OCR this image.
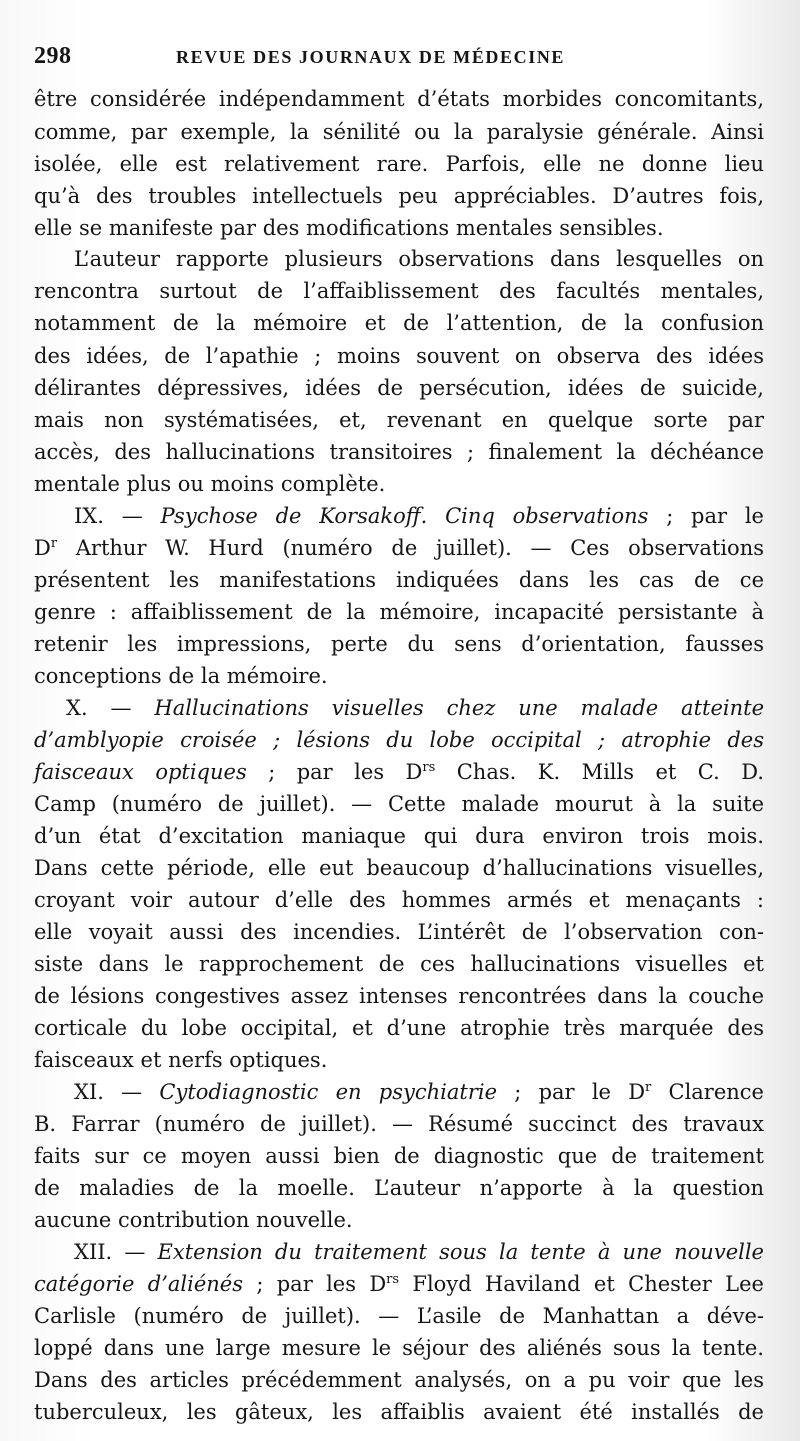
298	REVUE DES JOURNAUX DE MÉDECINE
être considérée indépendamment d’états morbides concomitants,
comme, par exemple, la sénilité ou la paralysie générale. Ainsi
isolée, elle est relativement rare. Parfois, elle ne donne lieu
qu’à des troubles intellectuels peu appréciables. D’autres fois,
elle se manifeste par des modifications mentales sensibles.
L’auteur rapporte plusieurs observations dans lesquelles on
rencontra surtout de l’affaiblissement des facultés mentales,
notamment de la mémoire et de l’attention, de la confusion
des idées, de l’apathie ; moins souvent on observa des idées
délirantes dépressives, idées de persécution, idées de suicide,
mais non systématisées, et, revenant en quelque sorte par
accès, des hallucinations transitoires ; finalement la déchéance
mentale plus ou moins complète.
IX. — Psychose de Korsakoff. Cinq observations ; par le
$D^r$ Arthur W. Hurd (numéro de juillet). — Ces observations
présentent les manifestations indiquées dans les cas de ce
genre : affaiblissement de la mémoire, incapacité persistante à
retenir les impressions, perte du sens d’orientation, fausses
conceptions de la mémoire.
X. — Hallucinations visuelles chez une malade atteinte
d’amblyopie croisée ; lésions du lobe occipital ; atrophie des
faisceaux optiques ; par les $D^{rs}$ Chas. K. Mills et C. D.
Camp (numéro de juillet). — Cette malade mourut à la suite
d’un état d’excitation maniaque qui dura environ trois mois.
Dans cette période, elle eut beaucoup d’hallucinations visuelles,
croyant voir autour d’elle des hommes armés et menaçants :
elle voyait aussi des incendies. L’intérêt de l’observation con-
siste dans le rapprochement de ces hallucinations visuelles et
de lésions congestives assez intenses rencontrées dans la couche
corticale du lobe occipital, et d’une atrophie très marquée des
faisceaux et nerfs optiques.
XI. — Cytodiagnostic en psychiatrie ; par le $D^r$ Clarence
B. Farrar (numéro de juillet). — Résumé succinct des travaux
faits sur ce moyen aussi bien de diagnostic que de traitement
de maladies de la moelle. L’auteur n’apporte à la question
aucune contribution nouvelle.
XII. — Extension du traitement sous la tente à une nouvelle
catégorie d’aliénés ; par les $D^{rs}$ Floyd Haviland et Chester Lee
Carlisle (numéro de juillet). — L’asile de Manhattan a déve-
loppé dans une large mesure le séjour des aliénés sous la tente.
Dans des articles précédemment analysés, on a pu voir que les
tuberculeux, les gâteux, les affaiblis avaient été installés de
